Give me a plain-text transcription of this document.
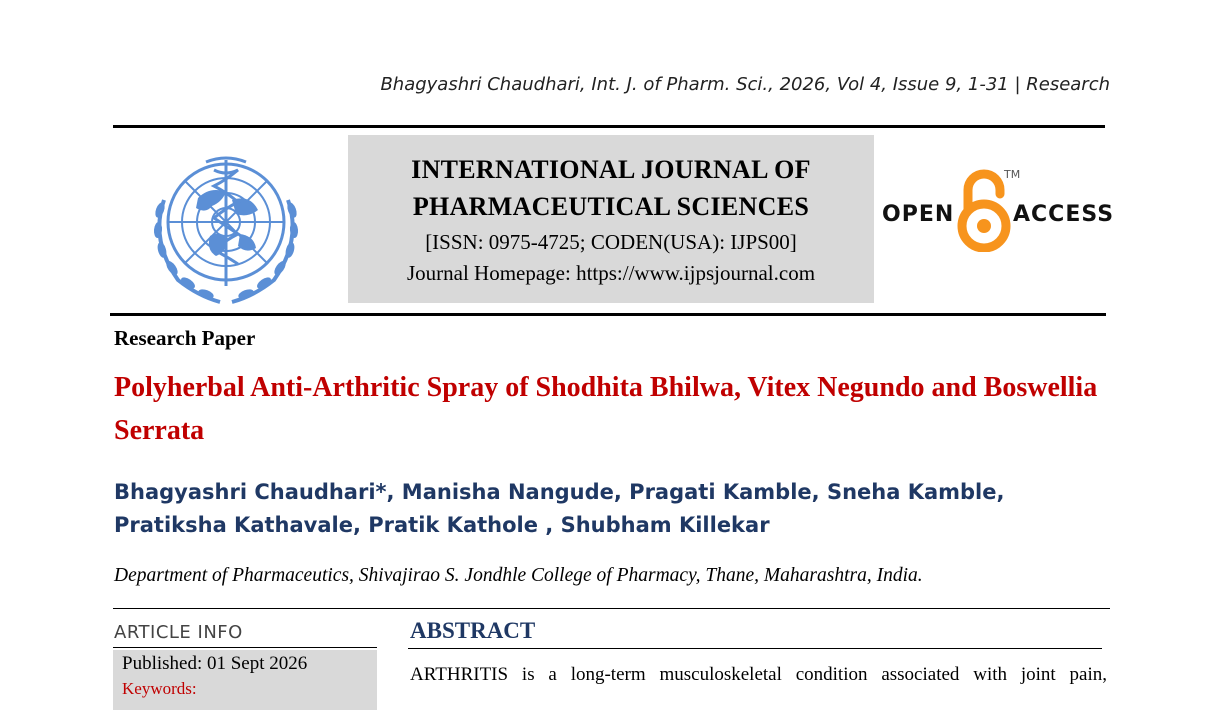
Bhagyashri Chaudhari, Int. J. of Pharm. Sci., 2026, Vol 4, Issue 9, 1-31 | Research
INTERNATIONAL JOURNAL OF
PHARMACEUTICAL SCIENCES
[ISSN: 0975-4725; CODEN(USA): IJPS00]
Journal Homepage: https://www.ijpsjournal.com
OPEN	ACCESS
TM
Research Paper
Polyherbal Anti-Arthritic Spray of Shodhita Bhilwa, Vitex Negundo and Boswellia Serrata
Bhagyashri Chaudhari*, Manisha Nangude, Pragati Kamble, Sneha Kamble,
Pratiksha Kathavale, Pratik Kathole , Shubham Killekar
Department of Pharmaceutics, Shivajirao S. Jondhle College of Pharmacy, Thane, Maharashtra, India.
ARTICLE INFO
Published: 01 Sept 2026
Keywords:
ABSTRACT
ARTHRITIS is a long-term musculoskeletal condition associated with joint pain,
